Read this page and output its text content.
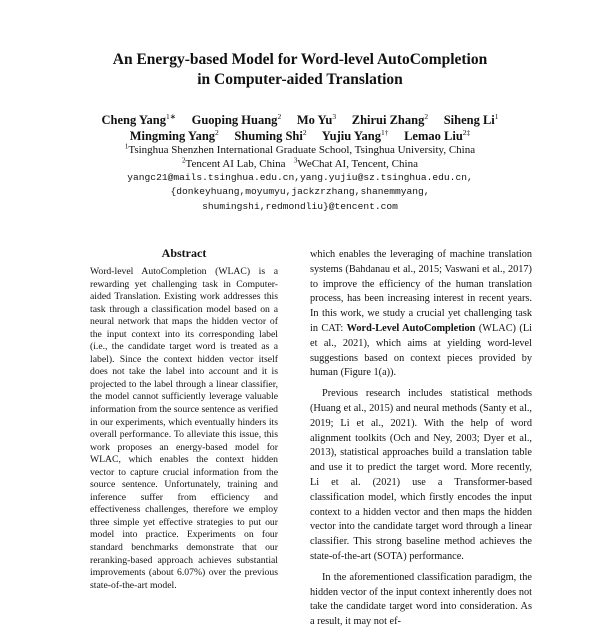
An Energy-based Model for Word-level AutoCompletion
in Computer-aided Translation
Cheng Yang$^{1∗}$ Guoping Huang$^2$ Mo Yu$^3$ Zhirui Zhang$^2$ Siheng Li$^1$
Mingming Yang$^2$ Shuming Shi$^2$ Yujiu Yang$^{1\dagger}$ Lemao Liu$^{2\ddagger}$
$^1$Tsinghua Shenzhen International Graduate School, Tsinghua University, China
$^2$Tencent AI Lab, China $^3$WeChat AI, Tencent, China
yangc21@mails.tsinghua.edu.cn,yang.yujiu@sz.tsinghua.edu.cn,
{donkeyhuang,moyumyu,jackzrzhang,shanemmyang,
shumingshi,redmondliu}@tencent.com
Abstract
Word-level AutoCompletion (WLAC) is a rewarding yet challenging task in Computer-aided Translation. Existing work addresses this task through a classification model based on a neural network that maps the hidden vector of the input context into its corresponding label (i.e., the candidate target word is treated as a label). Since the context hidden vector itself does not take the label into account and it is projected to the label through a linear classifier, the model cannot sufficiently leverage valuable information from the source sentence as verified in our experiments, which eventually hinders its overall performance. To alleviate this issue, this work proposes an energy-based model for WLAC, which enables the context hidden vector to capture crucial information from the source sentence. Unfortunately, training and inference suffer from efficiency and effectiveness challenges, therefore we employ three simple yet effective strategies to put our model into practice. Experiments on four standard benchmarks demonstrate that our reranking-based approach achieves substantial improvements (about 6.07%) over the previous state-of-the-art model.

which enables the leveraging of machine translation systems (Bahdanau et al., 2015; Vaswani et al., 2017) to improve the efficiency of the human translation process, has been increasing interest in recent years. In this work, we study a crucial yet challenging task in CAT: Word-Level AutoCompletion (WLAC) (Li et al., 2021), which aims at yielding word-level suggestions based on context pieces provided by human (Figure 1(a)).

Previous research includes statistical methods (Huang et al., 2015) and neural methods (Santy et al., 2019; Li et al., 2021). With the help of word alignment toolkits (Och and Ney, 2003; Dyer et al., 2013), statistical approaches build a translation table and use it to predict the target word. More recently, Li et al. (2021) use a Transformer-based classification model, which firstly encodes the input context to a hidden vector and then maps the hidden vector into the candidate target word through a linear classifier. This strong baseline method achieves the state-of-the-art (SOTA) performance.

In the aforementioned classification paradigm, the hidden vector of the input context inherently does not take the candidate target word into consideration. As a result, it may not ef-
